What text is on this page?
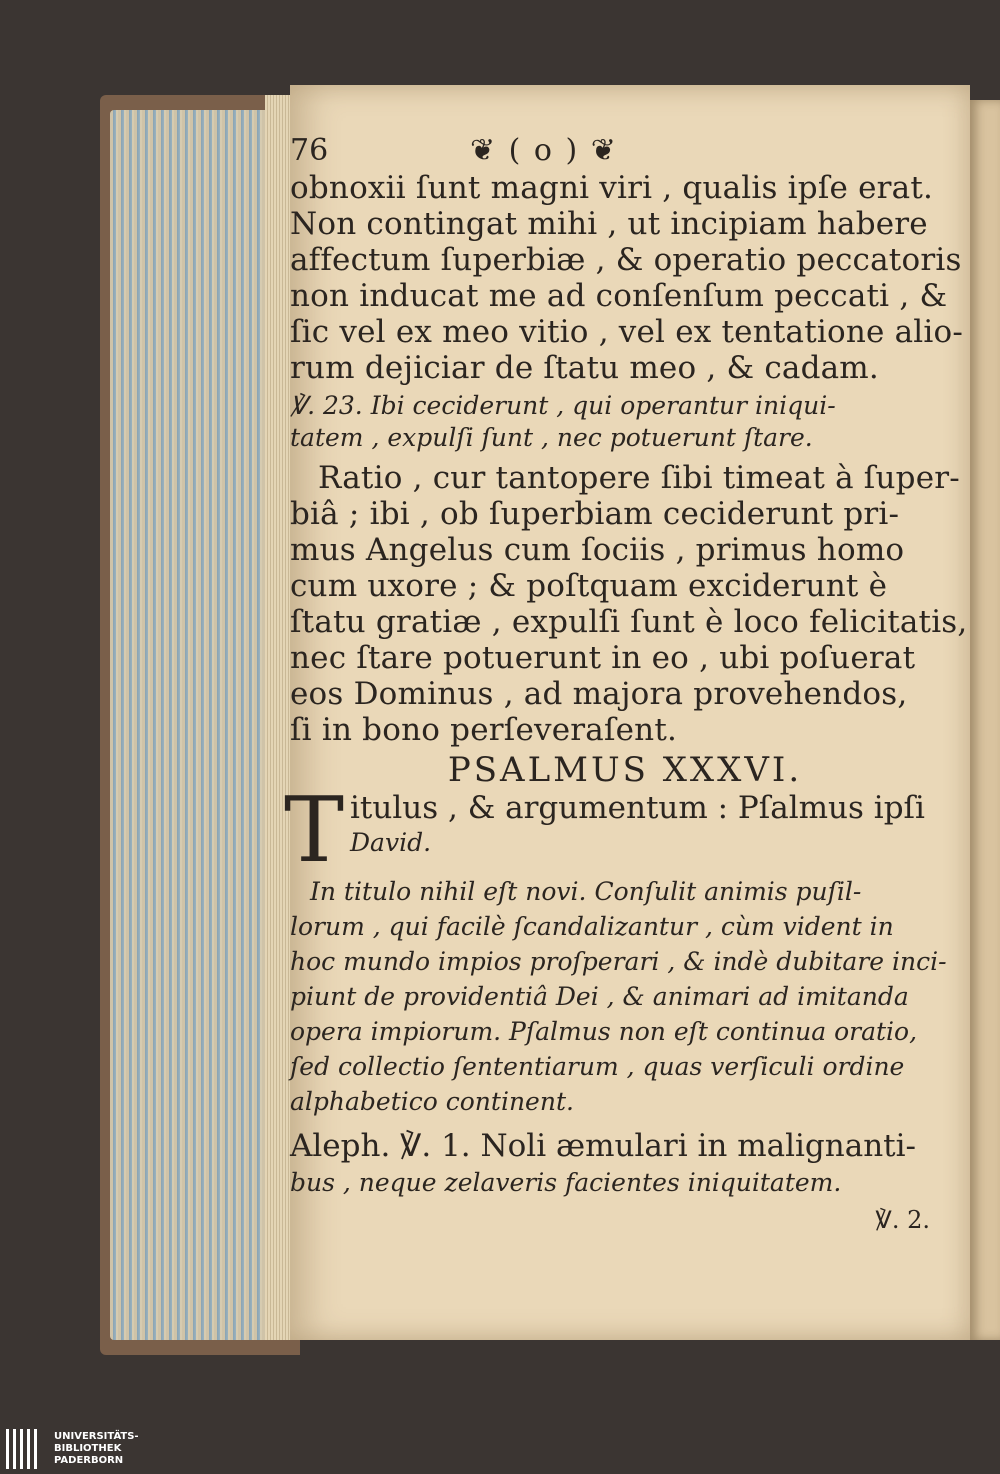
76	❦ ( o ) ❦
obnoxii ſunt magni viri , qualis ipſe erat.
Non contingat mihi , ut incipiam habere
affectum ſuperbiæ , & operatio peccatoris
non inducat me ad conſenſum peccati , &
ſic vel ex meo vitio , vel ex tentatione alio-
rum dejiciar de ſtatu meo , & cadam.
℣. 23. Ibi ceciderunt , qui operantur iniqui-
tatem , expulſi ſunt , nec potuerunt ſtare.
Ratio , cur tantopere ſibi timeat à ſuper-
biâ ; ibi , ob ſuperbiam ceciderunt pri-
mus Angelus cum ſociis , primus homo
cum uxore ; & poſtquam exciderunt è
ſtatu gratiæ , expulſi ſunt è loco felicitatis,
nec ſtare potuerunt in eo , ubi poſuerat
eos Dominus , ad majora provehendos,
ſi in bono perſeveraſent.
PSALMUS XXXVI.
T itulus , & argumentum : Pſalmus ipſi
David.
In titulo nihil eſt novi. Conſulit animis puſil-
lorum , qui facilè ſcandalizantur , cùm vident in
hoc mundo impios proſperari , & indè dubitare inci-
piunt de providentiâ Dei , & animari ad imitanda
opera impiorum. Pſalmus non eſt continua oratio,
ſed collectio ſententiarum , quas verſiculi ordine
alphabetico continent.
Aleph. ℣. 1. Noli æmulari in malignanti-
bus , neque zelaveris facientes iniquitatem.
℣. 2.
UNIVERSITÄTS-
BIBLIOTHEK
PADERBORN
